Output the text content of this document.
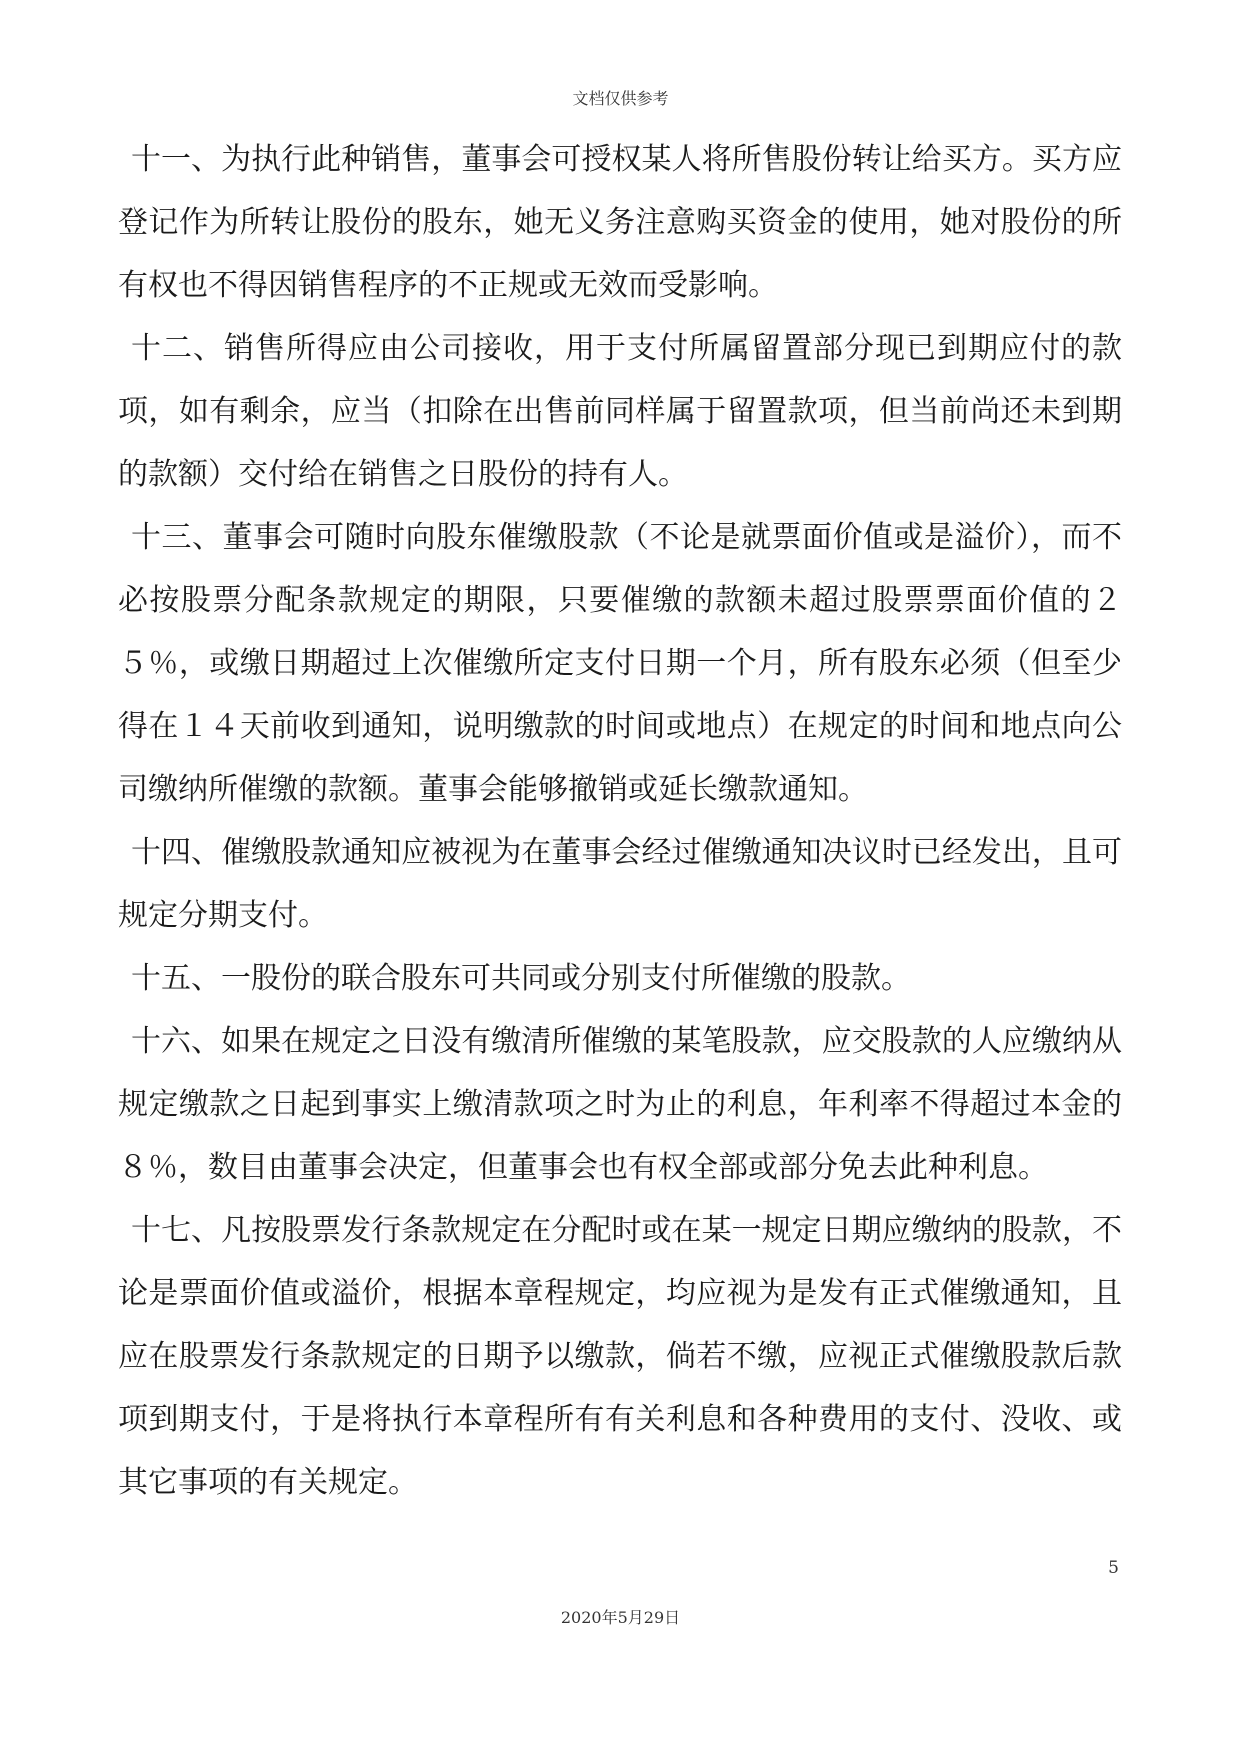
文档仅供参考

十一、为执行此种销售，董事会可授权某人将所售股份转让给买方。买方应登记作为所转让股份的股东，她无义务注意购买资金的使用，她对股份的所有权也不得因销售程序的不正规或无效而受影响。

十二、销售所得应由公司接收，用于支付所属留置部分现已到期应付的款项，如有剩余，应当（扣除在出售前同样属于留置款项，但当前尚还未到期的款额）交付给在销售之日股份的持有人。

十三、董事会可随时向股东催缴股款（不论是就票面价值或是溢价），而不必按股票分配条款规定的期限，只要催缴的款额未超过股票票面价值的２５％，或缴日期超过上次催缴所定支付日期一个月，所有股东必须（但至少得在１４天前收到通知，说明缴款的时间或地点）在规定的时间和地点向公司缴纳所催缴的款额。董事会能够撤销或延长缴款通知。

十四、催缴股款通知应被视为在董事会经过催缴通知决议时已经发出，且可规定分期支付。

十五、一股份的联合股东可共同或分别支付所催缴的股款。

十六、如果在规定之日没有缴清所催缴的某笔股款，应交股款的人应缴纳从规定缴款之日起到事实上缴清款项之时为止的利息，年利率不得超过本金的８％，数目由董事会决定，但董事会也有权全部或部分免去此种利息。

十七、凡按股票发行条款规定在分配时或在某一规定日期应缴纳的股款，不论是票面价值或溢价，根据本章程规定，均应视为是发有正式催缴通知，且应在股票发行条款规定的日期予以缴款，倘若不缴，应视正式催缴股款后款项到期支付，于是将执行本章程所有有关利息和各种费用的支付、没收、或其它事项的有关规定。

5
2020年5月29日
